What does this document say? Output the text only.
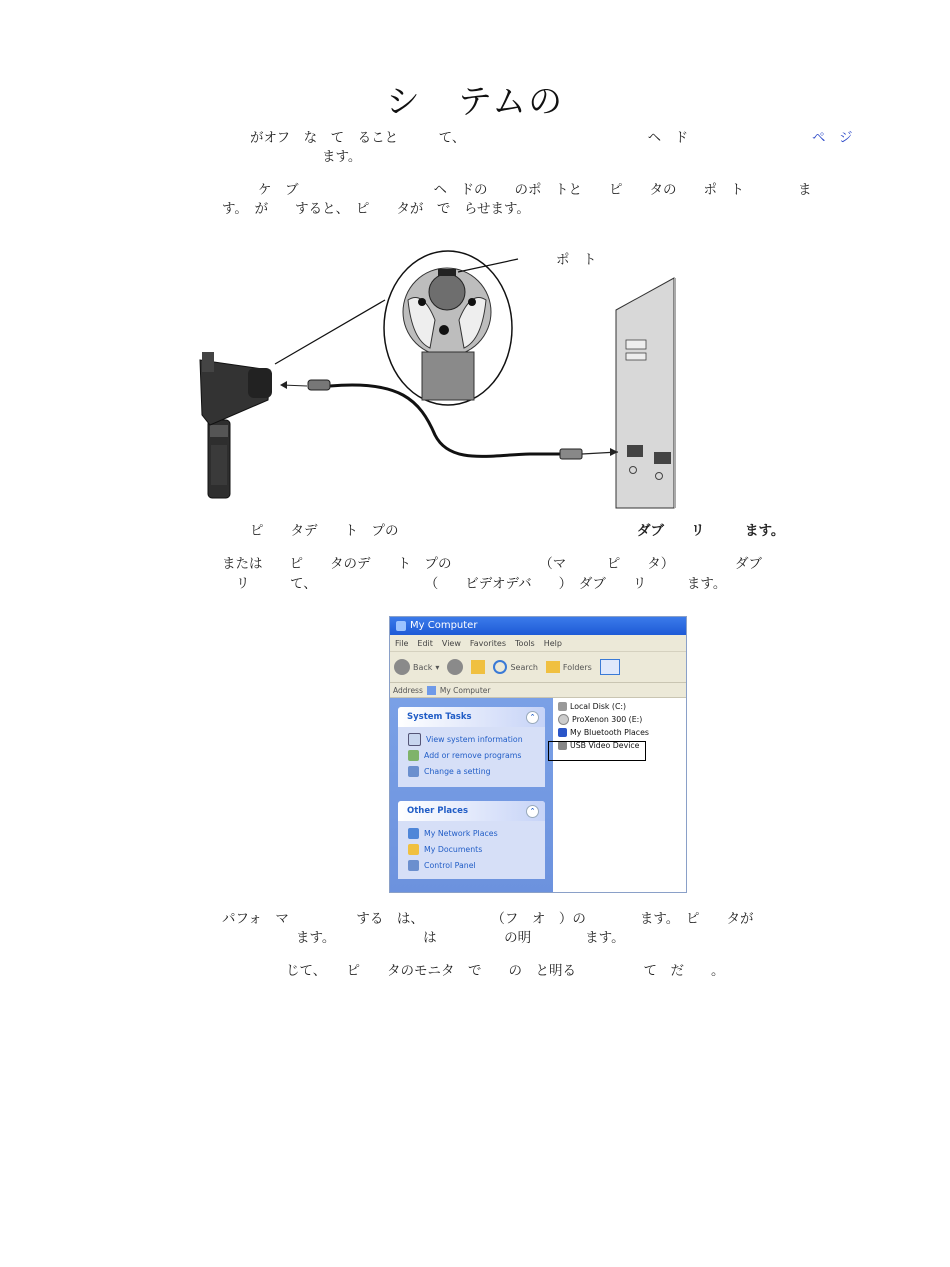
シ　テムの
がオフ　な　て　ること　　　て、　　　　　　　　　　　　　　ヘ　ド	ペ　ジ
ます。
ケ　ブ　　　　　　　　　　ヘ　ドの　　のポ　トと　　ピ　　タの　　ポ　ト　　　　ま
す。　が　　すると、　ピ　　タが　で　らせます。
ポ　ト
ピ　　タデ　　ト　プの	ダブ　　リ　　　ます。
または　　ピ　　タのデ　　ト　プの　　　　　　　（マ　　　ピ　　タ）　　　　　ダブ
リ　　　て、　　　　　　　　　（　　ビデオデバ　　）　ダブ　　リ　　　ます。
My Computer
File Edit View Favorites Tools Help
Back ▾	Search	Folders
Address My Computer
System Tasks	⌃
View system information
Add or remove programs
Change a setting
Other Places	⌃
My Network Places
My Documents
Control Panel
Local Disk (C:)
ProXenon 300 (E:)
My Bluetooth Places
USB Video Device
パフォ　マ　　　　　する　は、　　　　　　（フ　オ　）の　　　　ます。　ピ　　タが
ます。　　　　　　　は　　　　　の明　　　　ます。
じて、　　ピ　　タのモニタ　で　　の　と明る　　　　　て　だ　　。
